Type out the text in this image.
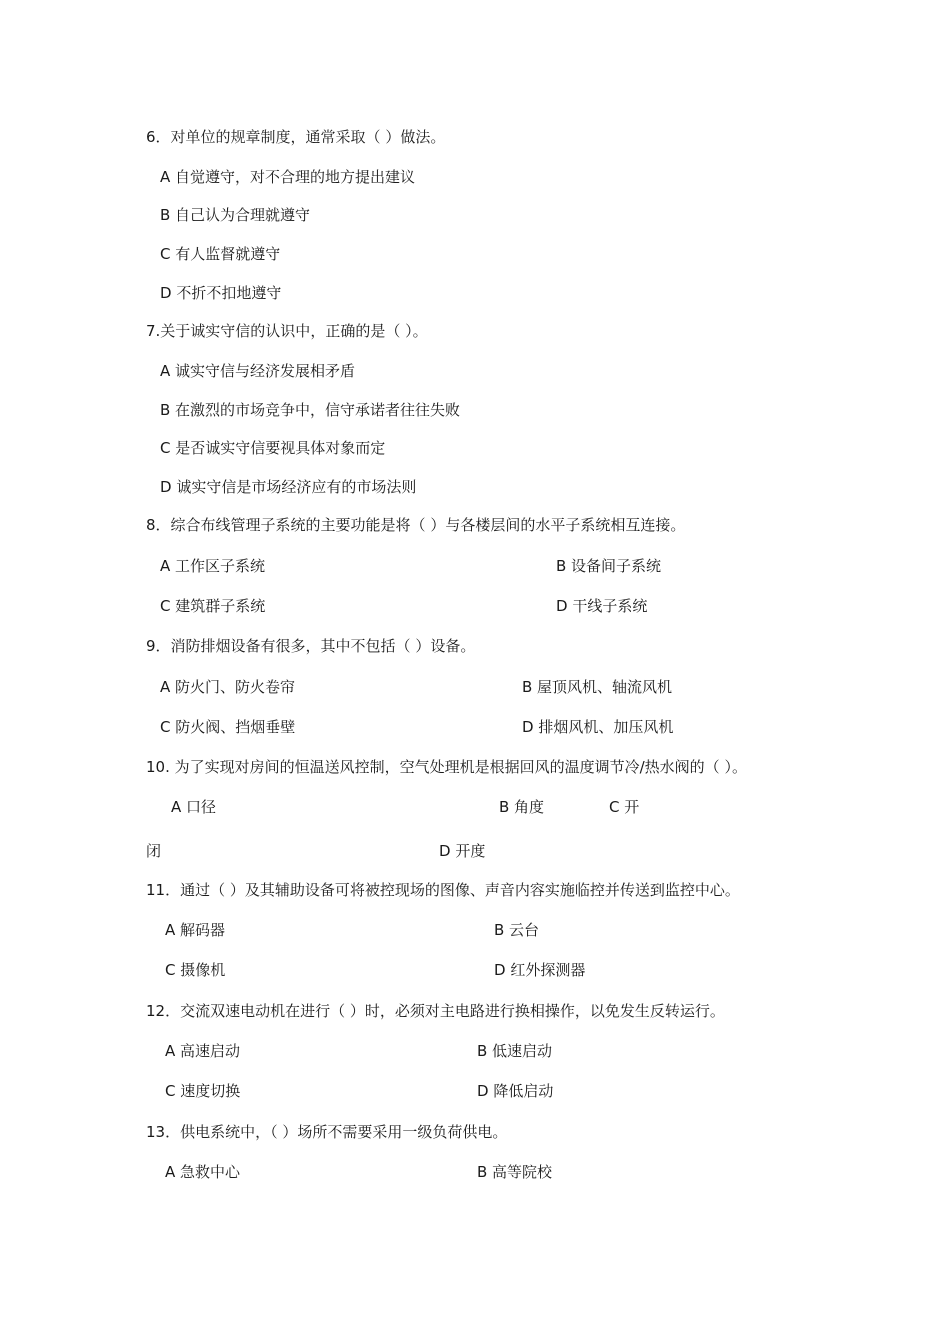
6．对单位的规章制度，通常采取（ ）做法。
A 自觉遵守，对不合理的地方提出建议
B 自己认为合理就遵守
C 有人监督就遵守
D 不折不扣地遵守
7.关于诚实守信的认识中，正确的是（ ）。
A 诚实守信与经济发展相矛盾
B 在激烈的市场竞争中，信守承诺者往往失败
C 是否诚实守信要视具体对象而定
D 诚实守信是市场经济应有的市场法则
8．综合布线管理子系统的主要功能是将（ ）与各楼层间的水平子系统相互连接。
A 工作区子系统	B 设备间子系统
C 建筑群子系统	D 干线子系统
9．消防排烟设备有很多，其中不包括（ ）设备。
A 防火门、防火卷帘	B 屋顶风机、轴流风机
C 防火阀、挡烟垂壁	D 排烟风机、加压风机
10. 为了实现对房间的恒温送风控制，空气处理机是根据回风的温度调节冷/热水阀的（ ）。
A 口径	B 角度	C 开
闭	D 开度
11．通过（ ）及其辅助设备可将被控现场的图像、声音内容实施临控并传送到监控中心。
A 解码器	B 云台
C 摄像机	D 红外探测器
12．交流双速电动机在进行（ ）时，必须对主电路进行换相操作，以免发生反转运行。
A 高速启动	B 低速启动
C 速度切换	D 降低启动
13．供电系统中，（ ）场所不需要采用一级负荷供电。
A 急救中心	B 高等院校
